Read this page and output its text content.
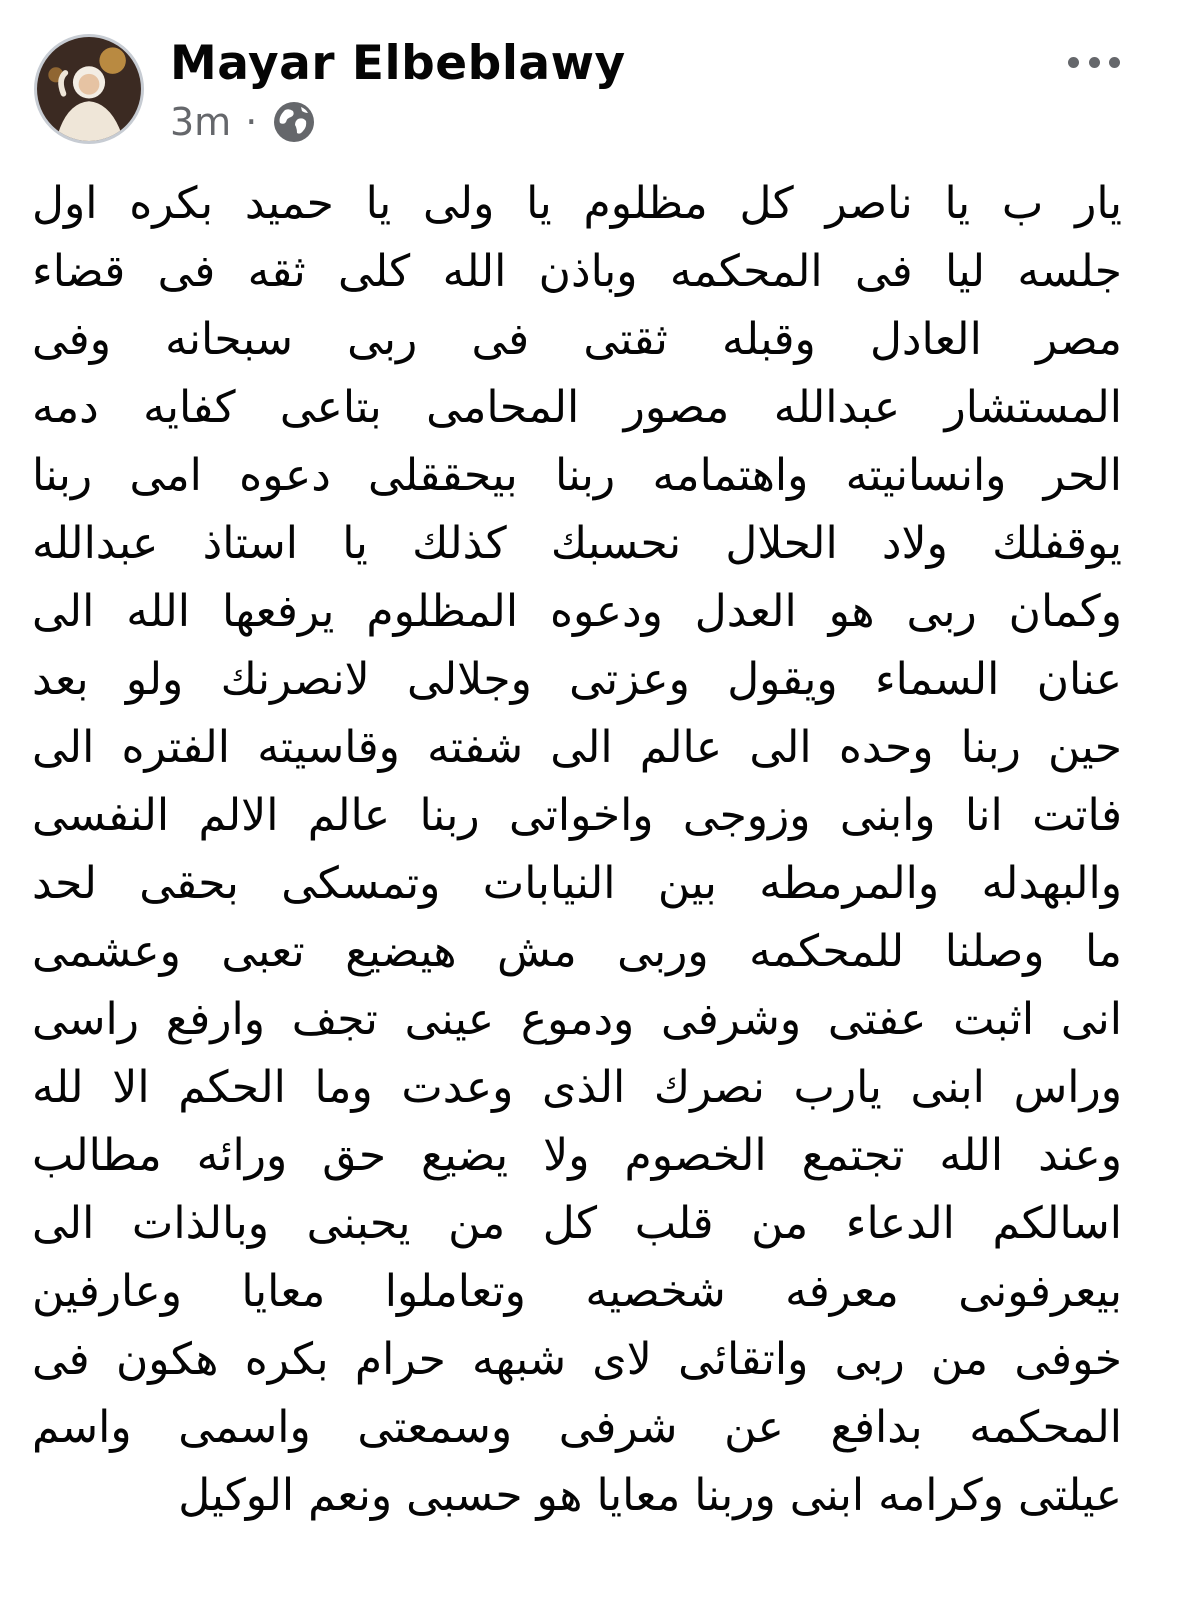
Mayar Elbeblawy
3m ·
يار ب يا ناصر كل مظلوم يا ولى يا حميد بكره اول
جلسه ليا فى المحكمه وباذن الله كلى ثقه فى قضاء
مصر العادل وقبله ثقتى فى ربى سبحانه وفى
المستشار عبدالله مصور المحامى بتاعى كفايه دمه
الحر وانسانيته واهتمامه ربنا بيحققلى دعوه امى ربنا
يوقفلك ولاد الحلال نحسبك كذلك يا استاذ عبدالله
وكمان ربى هو العدل ودعوه المظلوم يرفعها الله الى
عنان السماء ويقول وعزتى وجلالى لانصرنك ولو بعد
حين ربنا وحده الى عالم الى شفته وقاسيته الفتره الى
فاتت انا وابنى وزوجى واخواتى ربنا عالم الالم النفسى
والبهدله والمرمطه بين النيابات وتمسكى بحقى لحد
ما وصلنا للمحكمه وربى مش هيضيع تعبى وعشمى
انى اثبت عفتى وشرفى ودموع عينى تجف وارفع راسى
وراس ابنى يارب نصرك الذى وعدت وما الحكم الا لله
وعند الله تجتمع الخصوم ولا يضيع حق ورائه مطالب
اسالكم الدعاء من قلب كل من يحبنى وبالذات الى
بيعرفونى معرفه شخصيه وتعاملوا معايا وعارفين
خوفى من ربى واتقائى لاى شبهه حرام بكره هكون فى
المحكمه بدافع عن شرفى وسمعتى واسمى واسم
عيلتى وكرامه ابنى وربنا معايا هو حسبى ونعم الوكيل
